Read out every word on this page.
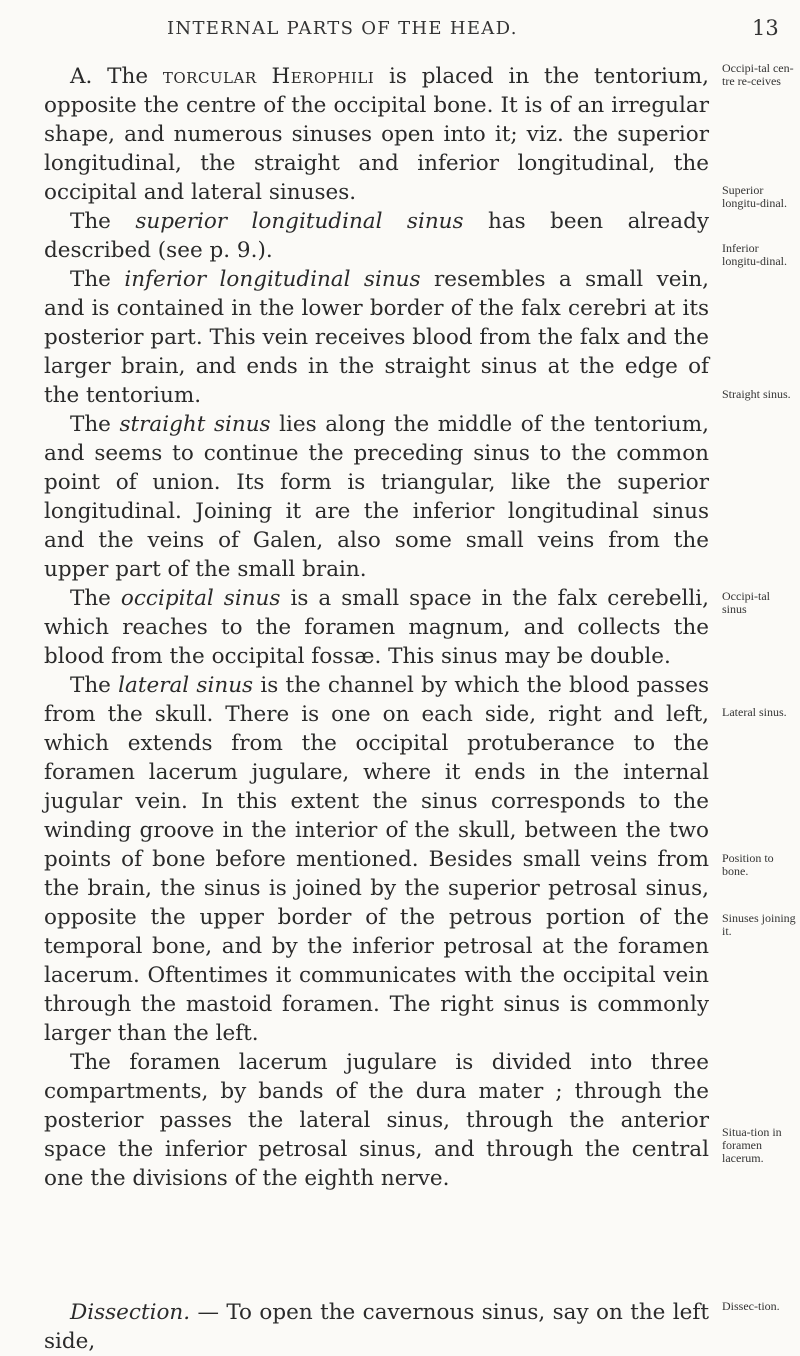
INTERNAL PARTS OF THE HEAD.	13

A. The torcular Herophili is placed in the tentorium, opposite the centre of the occipital bone. It is of an irregular shape, and numerous sinuses open into it; viz. the superior longitudinal, the straight and inferior longitudinal, the occipital and lateral sinuses.

The superior longitudinal sinus has been already described (see p. 9.).

The inferior longitudinal sinus resembles a small vein, and is contained in the lower border of the falx cerebri at its posterior part. This vein receives blood from the falx and the larger brain, and ends in the straight sinus at the edge of the tentorium.

The straight sinus lies along the middle of the tentorium, and seems to continue the preceding sinus to the common point of union. Its form is triangular, like the superior longitudinal. Joining it are the inferior longitudinal sinus and the veins of Galen, also some small veins from the upper part of the small brain.

The occipital sinus is a small space in the falx cerebelli, which reaches to the foramen magnum, and collects the blood from the occipital fossæ. This sinus may be double.

The lateral sinus is the channel by which the blood passes from the skull. There is one on each side, right and left, which extends from the occipital protuberance to the foramen lacerum jugulare, where it ends in the internal jugular vein. In this extent the sinus corresponds to the winding groove in the interior of the skull, between the two points of bone before mentioned. Besides small veins from the brain, the sinus is joined by the superior petrosal sinus, opposite the upper border of the petrous portion of the temporal bone, and by the inferior petrosal at the foramen lacerum. Oftentimes it communicates with the occipital vein through the mastoid foramen. The right sinus is commonly larger than the left.

The foramen lacerum jugulare is divided into three compartments, by bands of the dura mater ; through the posterior passes the lateral sinus, through the anterior space the inferior petrosal sinus, and through the central one the divisions of the eighth nerve.

Dissection. — To open the cavernous sinus, say on the left side,

Occipi-tal cen-tre re-ceives
Superior longitu-dinal.
Inferior longitu-dinal.
Straight sinus.
Occipi-tal sinus
Lateral sinus.
Position to bone.
Sinuses joining it.
Situa-tion in foramen lacerum.
Dissec-tion.
